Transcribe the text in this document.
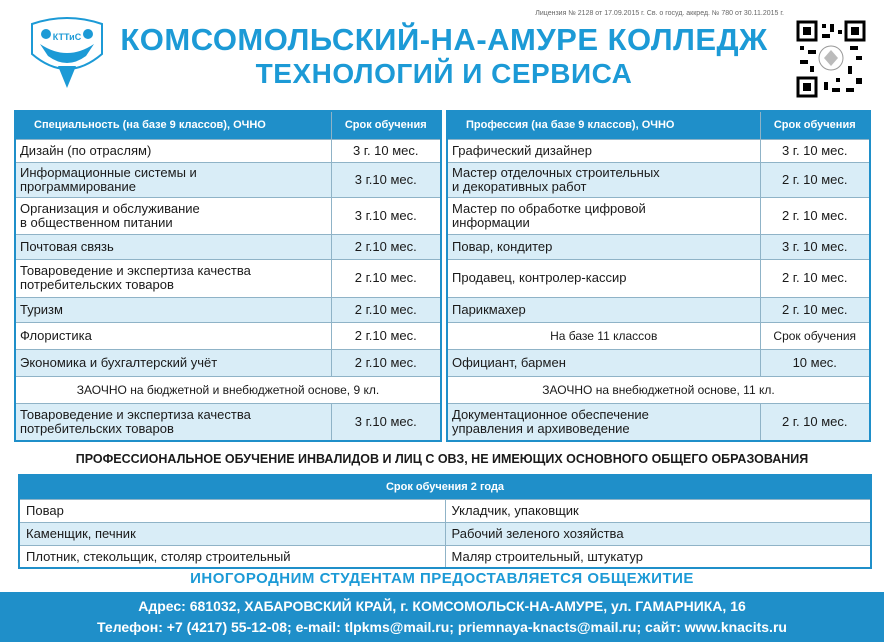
КТТиС
Лицензия № 2128 от 17.09.2015 г. Св. о госуд. аккред. № 780 от 30.11.2015 г.
КОМСОМОЛЬСКИЙ-НА-АМУРЕ КОЛЛЕДЖ
ТЕХНОЛОГИЙ И СЕРВИСА
Специальность (на базе 9 классов), ОЧНО	Срок обучения

Дизайн (по отраслям)	3 г. 10 мес.

Информационные системы и
программирование	3 г.10 мес.

Организация и обслуживание
в общественном питании	3 г.10 мес.

Почтовая связь	2 г.10 мес.

Товароведение и экспертиза качества
потребительских товаров	2 г.10 мес.

Туризм	2 г.10 мес.

Флористика	2 г.10 мес.

Экономика и бухгалтерский учёт	2 г.10 мес.
ЗАОЧНО на бюджетной и внебюджетной основе, 9 кл.	

Товароведение и экспертиза качества
потребительских товаров	3 г.10 мес.
Профессия (на базе 9 классов), ОЧНО	Срок обучения

Графический дизайнер	3 г. 10 мес.

Мастер отделочных строительных
и декоративных работ	2 г. 10 мес.

Мастер по обработке цифровой
информации	2 г. 10 мес.

Повар, кондитер	3 г. 10 мес.

Продавец, контролер-кассир	2 г. 10 мес.

Парикмахер	2 г. 10 мес.
На базе 11 классов	Срок обучения

Официант, бармен	10 мес.
ЗАОЧНО на внебюджетной основе, 11 кл.	

Документационное обеспечение
управления и архивоведение	2 г. 10 мес.
ПРОФЕССИОНАЛЬНОЕ ОБУЧЕНИЕ ИНВАЛИДОВ И ЛИЦ С ОВЗ, НЕ ИМЕЮЩИХ ОСНОВНОГО ОБЩЕГО ОБРАЗОВАНИЯ
Срок обучения 2 года	
Повар	Укладчик, упаковщик
Каменщик, печник	Рабочий зеленого хозяйства
Плотник, стекольщик, столяр строительный	Маляр строительный, штукатур
ИНОГОРОДНИМ СТУДЕНТАМ ПРЕДОСТАВЛЯЕТСЯ ОБЩЕЖИТИЕ
Адрес: 681032, ХАБАРОВСКИЙ КРАЙ, г. КОМСОМОЛЬСК-НА-АМУРЕ, ул. ГАМАРНИКА, 16
Телефон: +7 (4217) 55-12-08; e-mail: tlpkms@mail.ru; priemnaya-knacts@mail.ru; сайт: www.knacits.ru
